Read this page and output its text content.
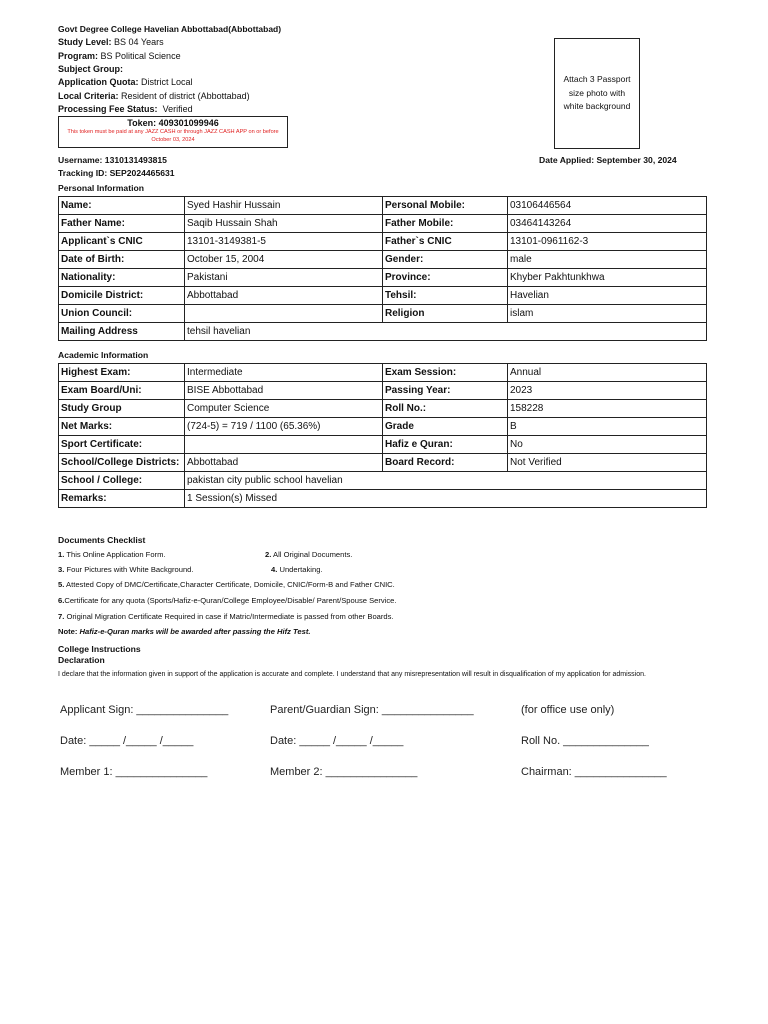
Govt Degree College Havelian Abbottabad(Abbottabad)
Study Level: BS 04 Years
Program: BS Political Science
Subject Group:
Application Quota: District Local
Local Criteria: Resident of district (Abbottabad)
Processing Fee Status: Verified
Token: 409301099946
This token must be paid at any JAZZ CASH or through JAZZ CASH APP on or before October 03, 2024
Attach 3 Passport size photo with white background
Username: 1310131493815
Tracking ID: SEP2024465631
Date Applied: September 30, 2024
Personal Information
Name:	Syed Hashir Hussain	Personal Mobile:	03106446564
Father Name:	Saqib Hussain Shah	Father Mobile:	03464143264
Applicant`s CNIC	13101-3149381-5	Father`s CNIC	13101-0961162-3
Date of Birth:	October 15, 2004	Gender:	male
Nationality:	Pakistani	Province:	Khyber Pakhtunkhwa
Domicile District:	Abbottabad	Tehsil:	Havelian
Union Council:		Religion	islam
Mailing Address	tehsil havelian		
Academic Information
Highest Exam:	Intermediate	Exam Session:	Annual
Exam Board/Uni:	BISE Abbottabad	Passing Year:	2023
Study Group	Computer Science	Roll No.:	158228
Net Marks:	(724-5) = 719 / 1100 (65.36%)	Grade	B
Sport Certificate:		Hafiz e Quran:	No
School/College Districts:	Abbottabad	Board Record:	Not Verified
School / College:	pakistan city public school havelian		
Remarks:	1 Session(s) Missed		
Documents Checklist
1. This Online Application Form.	2. All Original Documents.
3. Four Pictures with White Background.	4. Undertaking.
5. Attested Copy of DMC/Certificate,Character Certificate, Domicile, CNIC/Form-B and Father CNIC.
6.Certificate for any quota (Sports/Hafiz-e-Quran/College Employee/Disable/ Parent/Spouse Service.
7. Original Migration Certificate Required in case if Matric/Intermediate is passed from other Boards.
Note: Hafiz-e-Quran marks will be awarded after passing the Hifz Test.
College Instructions
Declaration
I declare that the information given in support of the application is accurate and complete. I understand that any misrepresentation will result in disqualification of my application for admission.
Applicant Sign: _______________	Parent/Guardian Sign: _______________	(for office use only)
Date: _____ /_____ /_____	Date: _____ /_____ /_____	Roll No. ______________
Member 1: _______________	Member 2: _______________	Chairman: _______________
